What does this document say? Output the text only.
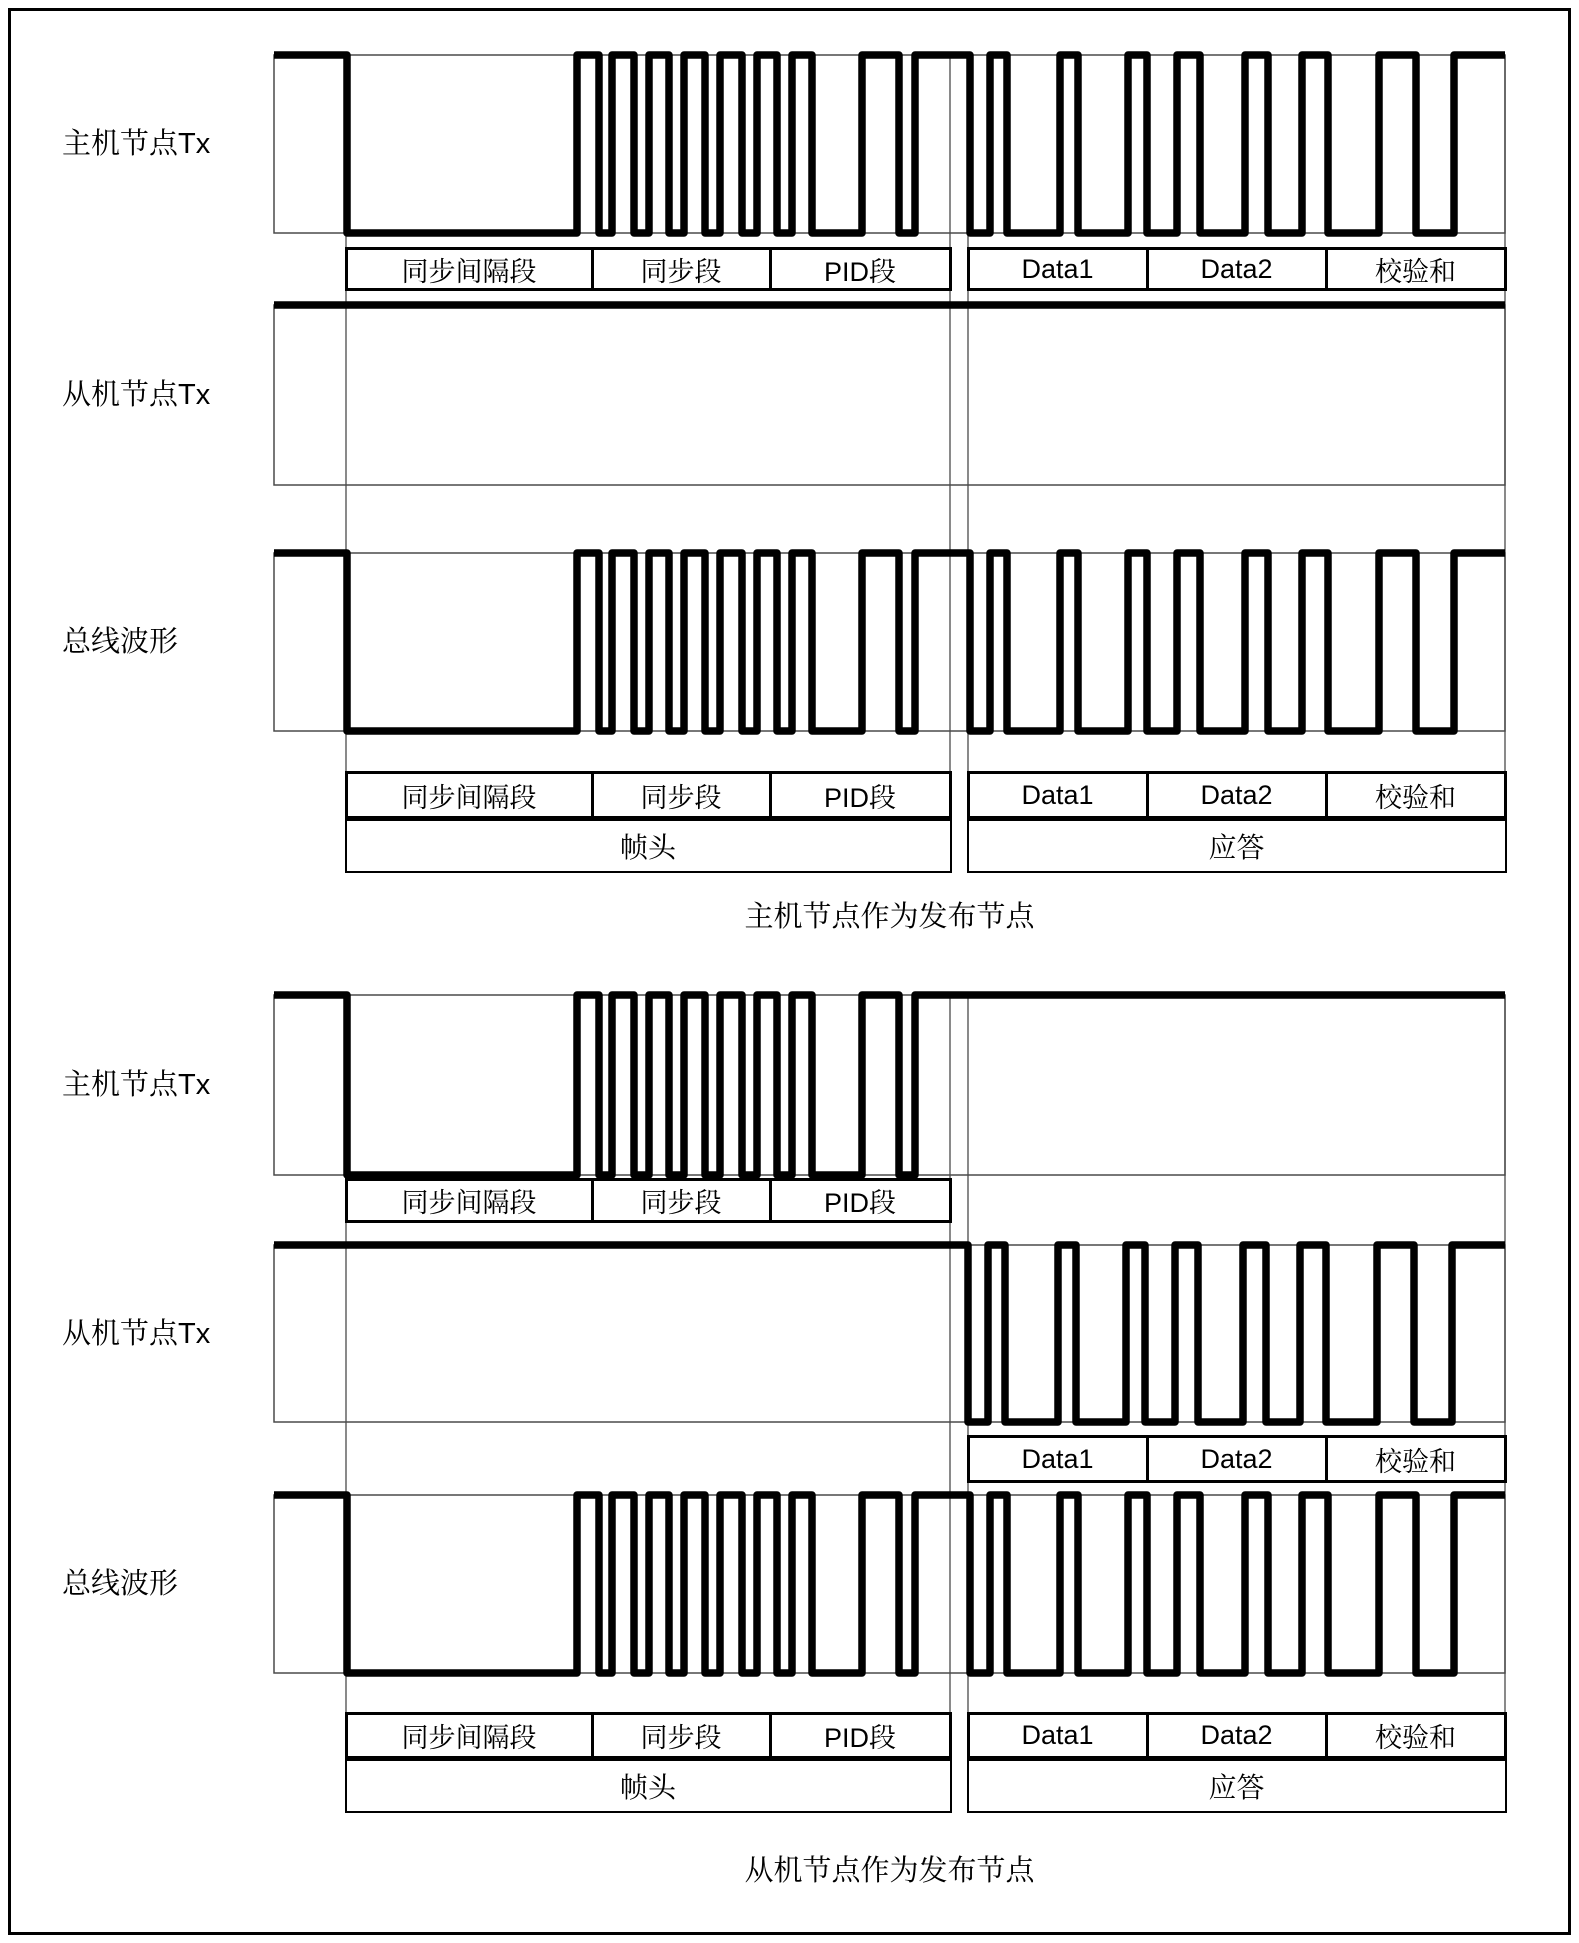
主机节点Tx
同步间隔段	同步段	PID段	Data1	Data2	校验和
从机节点Tx
总线波形
同步间隔段	同步段	PID段	Data1	Data2	校验和
帧头	应答
主机节点作为发布节点
主机节点Tx
同步间隔段	同步段	PID段
从机节点Tx
Data1	Data2	校验和
总线波形
同步间隔段	同步段	PID段	Data1	Data2	校验和
帧头	应答
从机节点作为发布节点
